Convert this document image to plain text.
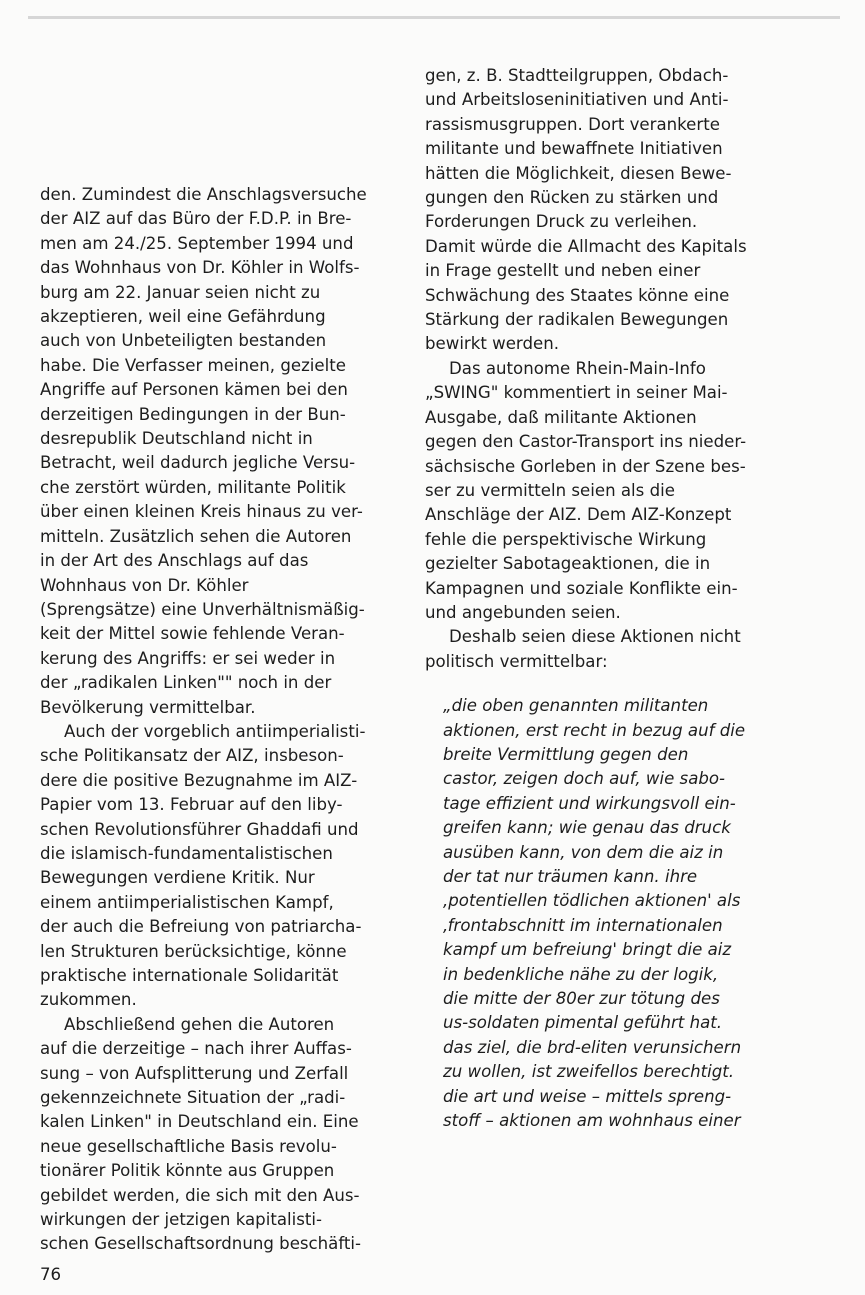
den. Zumindest die Anschlagsversuche
der AIZ auf das Büro der F.D.P. in Bre-
men am 24./25. September 1994 und
das Wohnhaus von Dr. Köhler in Wolfs-
burg am 22. Januar seien nicht zu
akzeptieren, weil eine Gefährdung
auch von Unbeteiligten bestanden
habe. Die Verfasser meinen, gezielte
Angriffe auf Personen kämen bei den
derzeitigen Bedingungen in der Bun-
desrepublik Deutschland nicht in
Betracht, weil dadurch jegliche Versu-
che zerstört würden, militante Politik
über einen kleinen Kreis hinaus zu ver-
mitteln. Zusätzlich sehen die Autoren
in der Art des Anschlags auf das
Wohnhaus von Dr. Köhler
(Sprengsätze) eine Unverhältnismäßig-
keit der Mittel sowie fehlende Veran-
kerung des Angriffs: er sei weder in
der „radikalen Linken"" noch in der
Bevölkerung vermittelbar.

Auch der vorgeblich antiimperialisti-
sche Politikansatz der AIZ, insbeson-
dere die positive Bezugnahme im AIZ-
Papier vom 13. Februar auf den liby-
schen Revolutionsführer Ghaddafi und
die islamisch-fundamentalistischen
Bewegungen verdiene Kritik. Nur
einem antiimperialistischen Kampf,
der auch die Befreiung von patriarcha-
len Strukturen berücksichtige, könne
praktische internationale Solidarität
zukommen.

Abschließend gehen die Autoren
auf die derzeitige – nach ihrer Auffas-
sung – von Aufsplitterung und Zerfall
gekennzeichnete Situation der „radi-
kalen Linken" in Deutschland ein. Eine
neue gesellschaftliche Basis revolu-
tionärer Politik könnte aus Gruppen
gebildet werden, die sich mit den Aus-
wirkungen der jetzigen kapitalisti-
schen Gesellschaftsordnung beschäfti-

gen, z. B. Stadtteilgruppen, Obdach-
und Arbeitsloseninitiativen und Anti-
rassismusgruppen. Dort verankerte
militante und bewaffnete Initiativen
hätten die Möglichkeit, diesen Bewe-
gungen den Rücken zu stärken und
Forderungen Druck zu verleihen.
Damit würde die Allmacht des Kapitals
in Frage gestellt und neben einer
Schwächung des Staates könne eine
Stärkung der radikalen Bewegungen
bewirkt werden.

Das autonome Rhein-Main-Info
„SWING" kommentiert in seiner Mai-
Ausgabe, daß militante Aktionen
gegen den Castor-Transport ins nieder-
sächsische Gorleben in der Szene bes-
ser zu vermitteln seien als die
Anschläge der AIZ. Dem AIZ-Konzept
fehle die perspektivische Wirkung
gezielter Sabotageaktionen, die in
Kampagnen und soziale Konflikte ein-
und angebunden seien.

Deshalb seien diese Aktionen nicht
politisch vermittelbar:

„die oben genannten militanten
aktionen, erst recht in bezug auf die
breite Vermittlung gegen den
castor, zeigen doch auf, wie sabo-
tage effizient und wirkungsvoll ein-
greifen kann; wie genau das druck
ausüben kann, von dem die aiz in
der tat nur träumen kann. ihre
‚potentiellen tödlichen aktionen' als
‚frontabschnitt im internationalen
kampf um befreiung' bringt die aiz
in bedenkliche nähe zu der logik,
die mitte der 80er zur tötung des
us-soldaten pimental geführt hat.
das ziel, die brd-eliten verunsichern
zu wollen, ist zweifellos berechtigt.
die art und weise – mittels spreng-
stoff – aktionen am wohnhaus einer

76
